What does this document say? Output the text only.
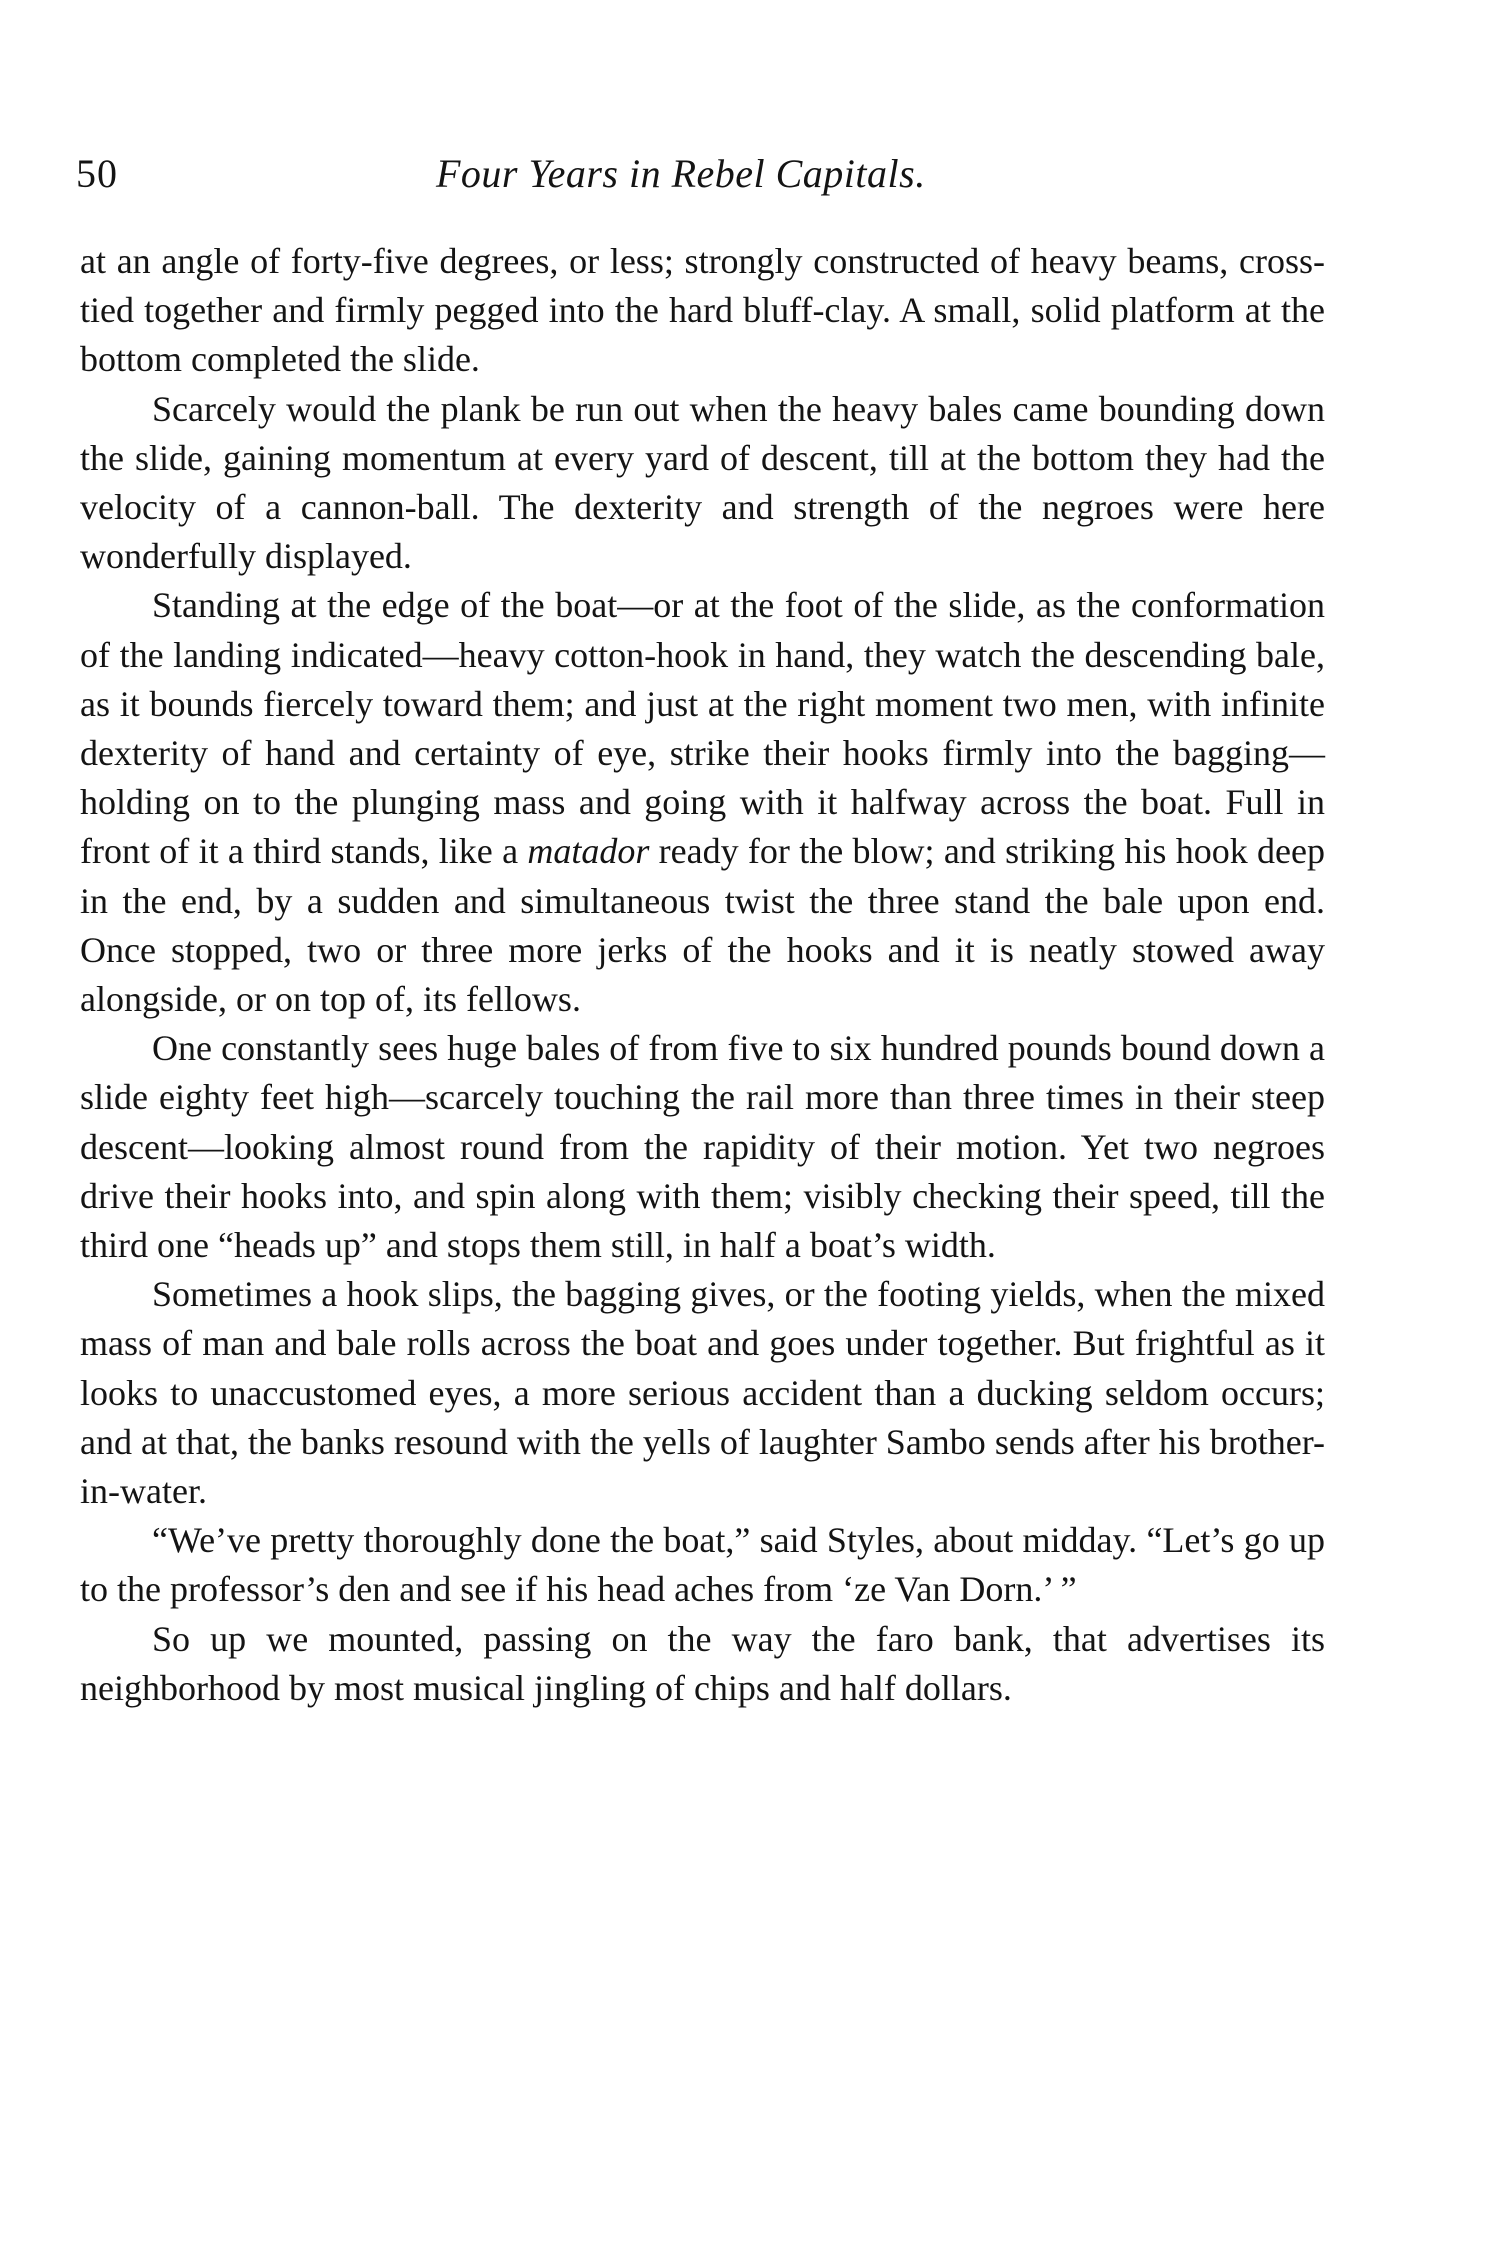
50	Four Years in Rebel Capitals.

at an angle of forty-five degrees, or less; strongly constructed of heavy beams, cross-tied together and firmly pegged into the hard bluff-clay. A small, solid platform at the bottom completed the slide.

Scarcely would the plank be run out when the heavy bales came bounding down the slide, gaining momentum at every yard of descent, till at the bottom they had the velocity of a cannon-ball. The dexterity and strength of the negroes were here wonderfully displayed.

Standing at the edge of the boat—or at the foot of the slide, as the conformation of the landing indicated—heavy cotton-hook in hand, they watch the descending bale, as it bounds fiercely toward them; and just at the right moment two men, with infinite dexterity of hand and certainty of eye, strike their hooks firmly into the bagging—holding on to the plunging mass and going with it halfway across the boat. Full in front of it a third stands, like a matador ready for the blow; and striking his hook deep in the end, by a sudden and simultaneous twist the three stand the bale upon end. Once stopped, two or three more jerks of the hooks and it is neatly stowed away alongside, or on top of, its fellows.

One constantly sees huge bales of from five to six hundred pounds bound down a slide eighty feet high—scarcely touching the rail more than three times in their steep descent—looking almost round from the rapidity of their motion. Yet two negroes drive their hooks into, and spin along with them; visibly checking their speed, till the third one “heads up” and stops them still, in half a boat’s width.

Sometimes a hook slips, the bagging gives, or the footing yields, when the mixed mass of man and bale rolls across the boat and goes under together. But frightful as it looks to unaccustomed eyes, a more serious accident than a ducking seldom occurs; and at that, the banks resound with the yells of laughter Sambo sends after his brother-in-water.

“We’ve pretty thoroughly done the boat,” said Styles, about midday. “Let’s go up to the professor’s den and see if his head aches from ‘ze Van Dorn.’ ”

So up we mounted, passing on the way the faro bank, that advertises its neighborhood by most musical jingling of chips and half dollars.
